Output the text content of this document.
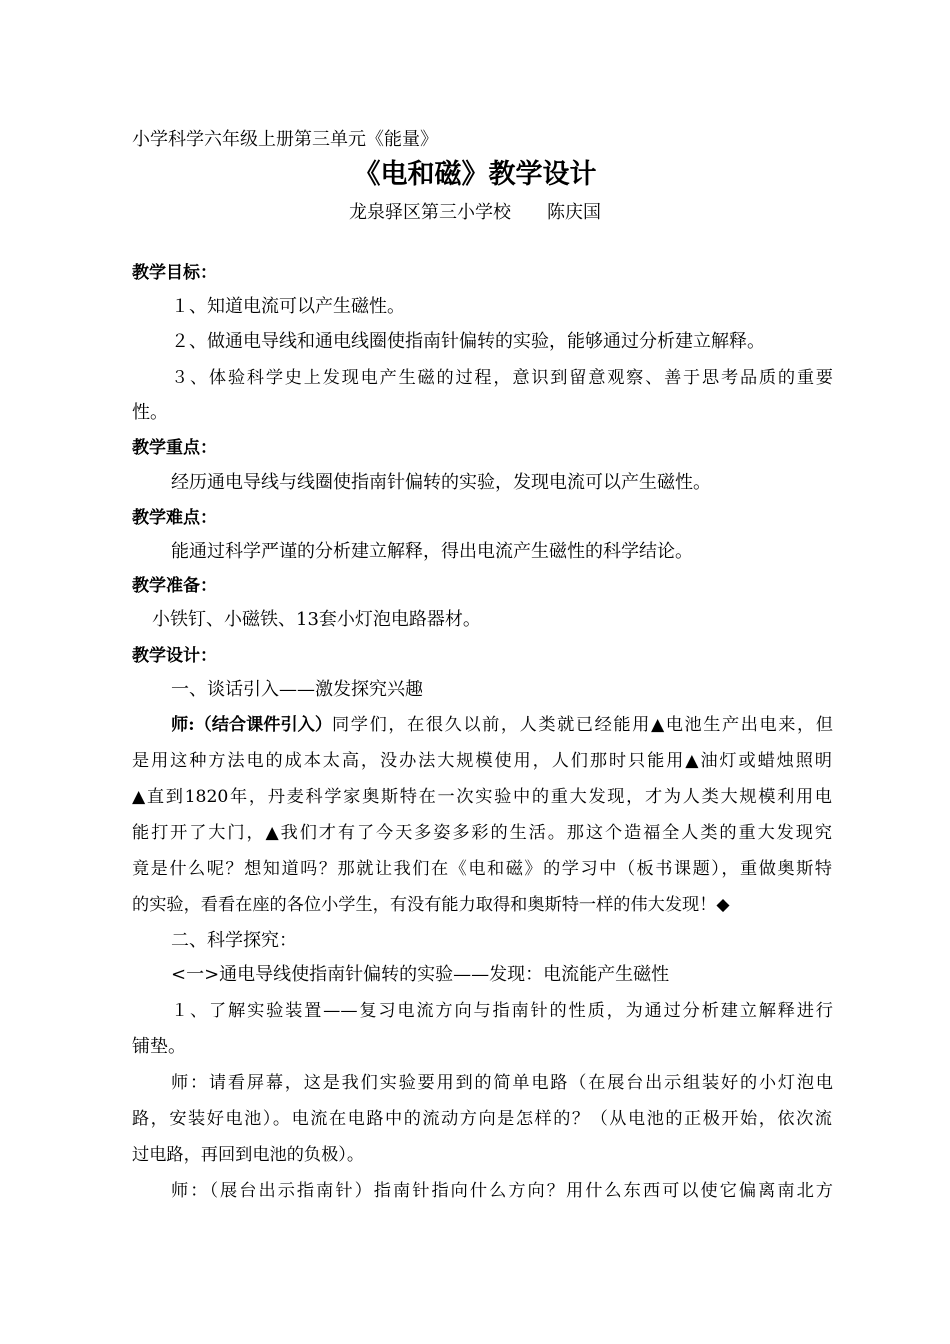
小学科学六年级上册第三单元《能量》
《电和磁》教学设计
龙泉驿区第三小学校 陈庆国
教学目标：
１、知道电流可以产生磁性。
２、做通电导线和通电线圈使指南针偏转的实验，能够通过分析建立解释。
３、体验科学史上发现电产生磁的过程，意识到留意观察、善于思考品质的重要
性。
教学重点：
经历通电导线与线圈使指南针偏转的实验，发现电流可以产生磁性。
教学难点：
能通过科学严谨的分析建立解释，得出电流产生磁性的科学结论。
教学准备：
小铁钉、小磁铁、13套小灯泡电路器材。
教学设计：
一、谈话引入——激发探究兴趣
师:（结合课件引入） 同学们，在很久以前，人类就已经能用▲电池生产出电来，但
是用这种方法电的成本太高，没办法大规模使用，人们那时只能用▲油灯或蜡烛照明
▲直到1820年，丹麦科学家奥斯特在一次实验中的重大发现，才为人类大规模利用电
能打开了大门，▲我们才有了今天多姿多彩的生活。那这个造福全人类的重大发现究
竟是什么呢？想知道吗？那就让我们在《电和磁》的学习中（板书课题），重做奥斯特
的实验，看看在座的各位小学生，有没有能力取得和奥斯特一样的伟大发现！◆
二、科学探究：
<一>通电导线使指南针偏转的实验——发现：电流能产生磁性
１、了解实验装置——复习电流方向与指南针的性质，为通过分析建立解释进行
铺垫。
师：请看屏幕，这是我们实验要用到的简单电路（在展台出示组装好的小灯泡电
路，安装好电池）。电流在电路中的流动方向是怎样的？（从电池的正极开始，依次流
过电路，再回到电池的负极）。
师：（展台出示指南针）指南针指向什么方向？用什么东西可以使它偏离南北方
